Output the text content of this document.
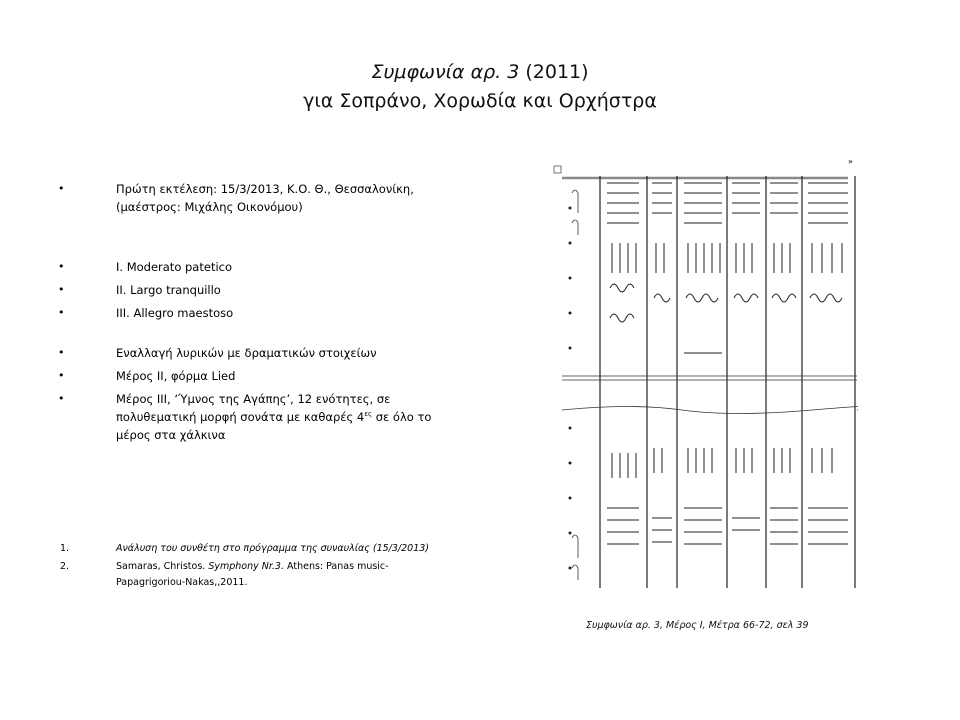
Συμφωνία αρ. 3 (2011)
για Σοπράνο, Χορωδία και Ορχήστρα
• Πρώτη εκτέλεση: 15/3/2013, Κ.Ο. Θ., Θεσσαλονίκη,
(μαέστρος: Μιχάλης Οικονόμου)
• I. Moderato patetico
• II. Largo tranquillo
• III. Allegro maestoso
• Εναλλαγή λυρικών με δραματικών στοιχείων
• Μέρος ΙΙ, φόρμα Lied
• Μέρος ΙΙΙ, ‘Ύμνος της Αγάπης’, 12 ενότητες, σε πολυθεματική μορφή σονάτα με καθαρές $4^{\varepsilon\varsigma}$ σε όλο το μέρος στα χάλκινα
1.	Ανάλυση του συνθέτη στο πρόγραμμα της συναυλίας (15/3/2013)
2.	Samaras, Christos. Symphony Nr.3. Athens: Panas music- Papagrigoriou-Nakas,,2011.
»
Συμφωνία αρ. 3, Μέρος Ι, Μέτρα 66-72, σελ 39
